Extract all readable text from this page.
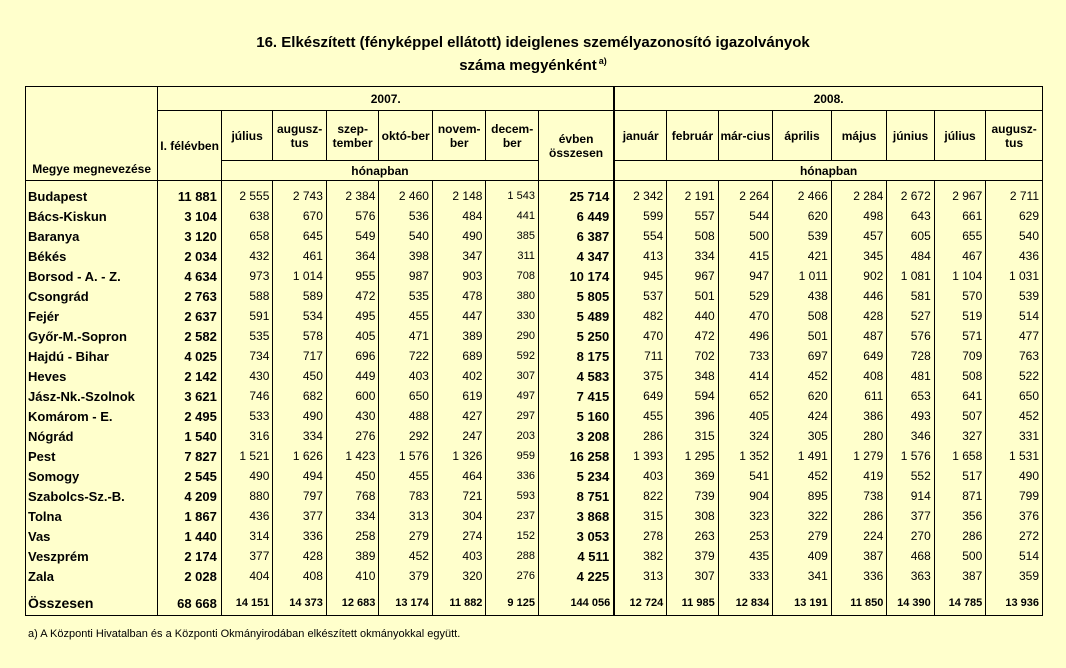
16. Elkészített (fényképpel ellátott) ideiglenes személyazonosító igazolványok
száma megyénként $^{a)}$
Megye megnevezése	2007.								2008.							
	I. félévben	július	augusz-tus	szep-tember	októ-ber	novem-ber	decem-ber	évben összesen	január	február	már-cius	április	május	június	július	augusz-tus
		hónapban							hónapban							

Budapest	11 881	2 555	2 743	2 384	2 460	2 148	1 543	25 714	2 342	2 191	2 264	2 466	2 284	2 672	2 967	2 711
Bács-Kiskun	3 104	638	670	576	536	484	441	6 449	599	557	544	620	498	643	661	629
Baranya	3 120	658	645	549	540	490	385	6 387	554	508	500	539	457	605	655	540
Békés	2 034	432	461	364	398	347	311	4 347	413	334	415	421	345	484	467	436
Borsod - A. - Z.	4 634	973	1 014	955	987	903	708	10 174	945	967	947	1 011	902	1 081	1 104	1 031
Csongrád	2 763	588	589	472	535	478	380	5 805	537	501	529	438	446	581	570	539
Fejér	2 637	591	534	495	455	447	330	5 489	482	440	470	508	428	527	519	514
Győr-M.-Sopron	2 582	535	578	405	471	389	290	5 250	470	472	496	501	487	576	571	477
Hajdú - Bihar	4 025	734	717	696	722	689	592	8 175	711	702	733	697	649	728	709	763
Heves	2 142	430	450	449	403	402	307	4 583	375	348	414	452	408	481	508	522
Jász-Nk.-Szolnok	3 621	746	682	600	650	619	497	7 415	649	594	652	620	611	653	641	650
Komárom - E.	2 495	533	490	430	488	427	297	5 160	455	396	405	424	386	493	507	452
Nógrád	1 540	316	334	276	292	247	203	3 208	286	315	324	305	280	346	327	331
Pest	7 827	1 521	1 626	1 423	1 576	1 326	959	16 258	1 393	1 295	1 352	1 491	1 279	1 576	1 658	1 531
Somogy	2 545	490	494	450	455	464	336	5 234	403	369	541	452	419	552	517	490
Szabolcs-Sz.-B.	4 209	880	797	768	783	721	593	8 751	822	739	904	895	738	914	871	799
Tolna	1 867	436	377	334	313	304	237	3 868	315	308	323	322	286	377	356	376
Vas	1 440	314	336	258	279	274	152	3 053	278	263	253	279	224	270	286	272
Veszprém	2 174	377	428	389	452	403	288	4 511	382	379	435	409	387	468	500	514
Zala	2 028	404	408	410	379	320	276	4 225	313	307	333	341	336	363	387	359

Összesen	68 668	14 151	14 373	12 683	13 174	11 882	9 125	144 056	12 724	11 985	12 834	13 191	11 850	14 390	14 785	13 936
a) A Központi Hivatalban és a Központi Okmányirodában elkészített okmányokkal együtt.
